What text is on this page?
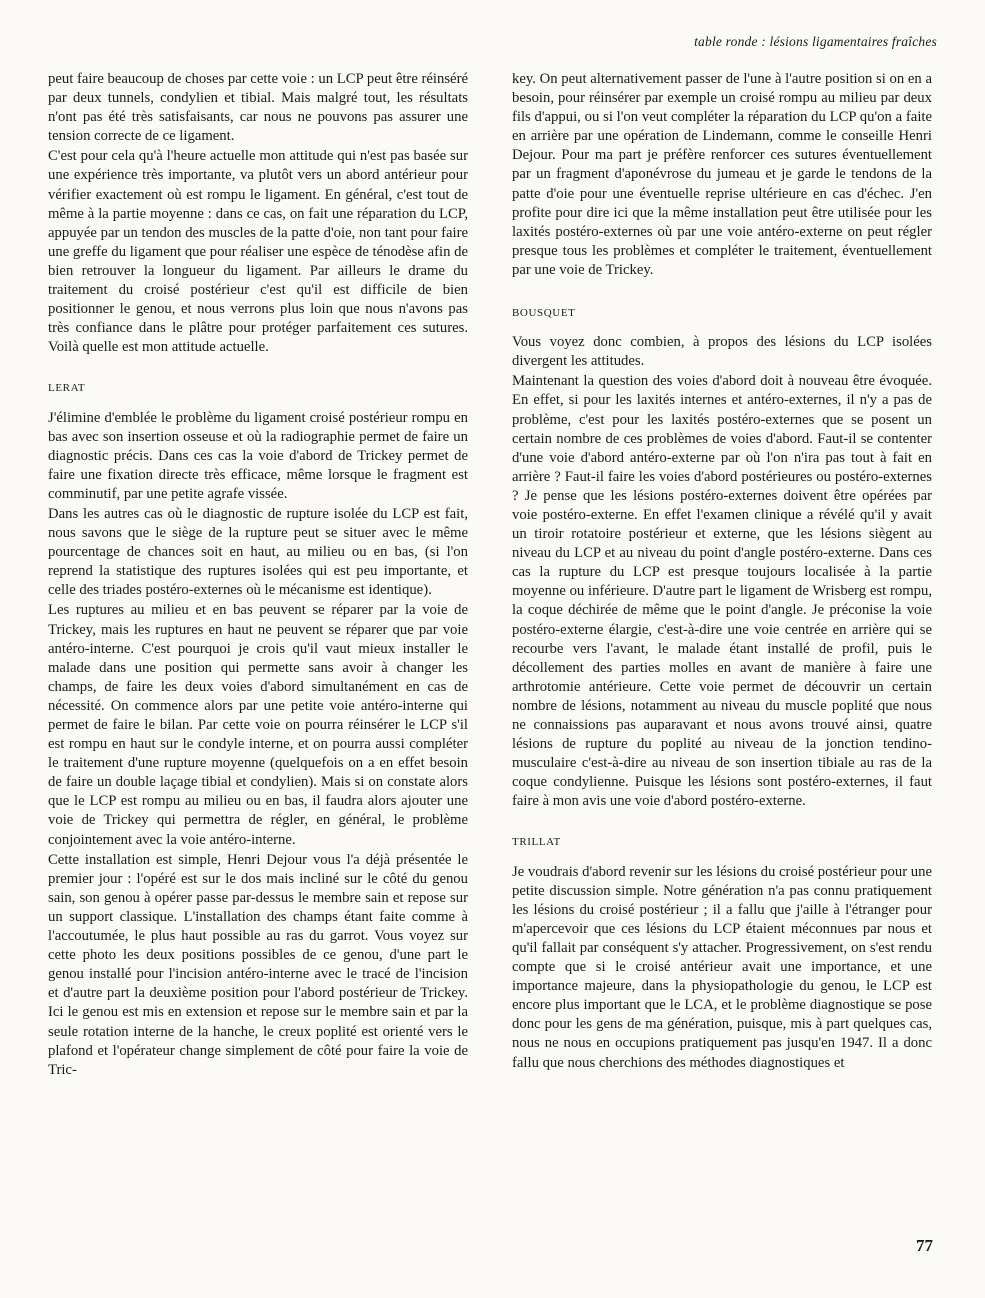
table ronde : lésions ligamentaires fraîches

peut faire beaucoup de choses par cette voie : un LCP peut être réinséré par deux tunnels, condylien et tibial. Mais malgré tout, les résultats n'ont pas été très satisfaisants, car nous ne pouvons pas assurer une tension correcte de ce ligament.

C'est pour cela qu'à l'heure actuelle mon attitude qui n'est pas basée sur une expérience très importante, va plutôt vers un abord antérieur pour vérifier exactement où est rompu le ligament. En général, c'est tout de même à la partie moyenne : dans ce cas, on fait une réparation du LCP, appuyée par un tendon des muscles de la patte d'oie, non tant pour faire une greffe du ligament que pour réaliser une espèce de ténodèse afin de bien retrouver la longueur du ligament. Par ailleurs le drame du traitement du croisé postérieur c'est qu'il est difficile de bien positionner le genou, et nous verrons plus loin que nous n'avons pas très confiance dans le plâtre pour protéger parfaitement ces sutures. Voilà quelle est mon attitude actuelle.

LERAT

J'élimine d'emblée le problème du ligament croisé postérieur rompu en bas avec son insertion osseuse et où la radiographie permet de faire un diagnostic précis. Dans ces cas la voie d'abord de Trickey permet de faire une fixation directe très efficace, même lorsque le fragment est comminutif, par une petite agrafe vissée.

Dans les autres cas où le diagnostic de rupture isolée du LCP est fait, nous savons que le siège de la rupture peut se situer avec le même pourcentage de chances soit en haut, au milieu ou en bas, (si l'on reprend la statistique des ruptures isolées qui est peu importante, et celle des triades postéro-externes où le mécanisme est identique).

Les ruptures au milieu et en bas peuvent se réparer par la voie de Trickey, mais les ruptures en haut ne peuvent se réparer que par voie antéro-interne. C'est pourquoi je crois qu'il vaut mieux installer le malade dans une position qui permette sans avoir à changer les champs, de faire les deux voies d'abord simultanément en cas de nécessité. On commence alors par une petite voie antéro-interne qui permet de faire le bilan. Par cette voie on pourra réinsérer le LCP s'il est rompu en haut sur le condyle interne, et on pourra aussi compléter le traitement d'une rupture moyenne (quelquefois on a en effet besoin de faire un double laçage tibial et condylien). Mais si on constate alors que le LCP est rompu au milieu ou en bas, il faudra alors ajouter une voie de Trickey qui permettra de régler, en général, le problème conjointement avec la voie antéro-interne.

Cette installation est simple, Henri Dejour vous l'a déjà présentée le premier jour : l'opéré est sur le dos mais incliné sur le côté du genou sain, son genou à opérer passe par-dessus le membre sain et repose sur un support classique. L'installation des champs étant faite comme à l'accoutumée, le plus haut possible au ras du garrot. Vous voyez sur cette photo les deux positions possibles de ce genou, d'une part le genou installé pour l'incision antéro-interne avec le tracé de l'incision et d'autre part la deuxième position pour l'abord postérieur de Trickey. Ici le genou est mis en extension et repose sur le membre sain et par la seule rotation interne de la hanche, le creux poplité est orienté vers le plafond et l'opérateur change simplement de côté pour faire la voie de Tric-

key. On peut alternativement passer de l'une à l'autre position si on en a besoin, pour réinsérer par exemple un croisé rompu au milieu par deux fils d'appui, ou si l'on veut compléter la réparation du LCP qu'on a faite en arrière par une opération de Lindemann, comme le conseille Henri Dejour. Pour ma part je préfère renforcer ces sutures éventuellement par un fragment d'aponévrose du jumeau et je garde le tendons de la patte d'oie pour une éventuelle reprise ultérieure en cas d'échec. J'en profite pour dire ici que la même installation peut être utilisée pour les laxités postéro-externes où par une voie antéro-externe on peut régler presque tous les problèmes et compléter le traitement, éventuellement par une voie de Trickey.

BOUSQUET

Vous voyez donc combien, à propos des lésions du LCP isolées divergent les attitudes.

Maintenant la question des voies d'abord doit à nouveau être évoquée. En effet, si pour les laxités internes et antéro-externes, il n'y a pas de problème, c'est pour les laxités postéro-externes que se posent un certain nombre de ces problèmes de voies d'abord. Faut-il se contenter d'une voie d'abord antéro-externe par où l'on n'ira pas tout à fait en arrière ? Faut-il faire les voies d'abord postérieures ou postéro-externes ? Je pense que les lésions postéro-externes doivent être opérées par voie postéro-externe. En effet l'examen clinique a révélé qu'il y avait un tiroir rotatoire postérieur et externe, que les lésions siègent au niveau du LCP et au niveau du point d'angle postéro-externe. Dans ces cas la rupture du LCP est presque toujours localisée à la partie moyenne ou inférieure. D'autre part le ligament de Wrisberg est rompu, la coque déchirée de même que le point d'angle. Je préconise la voie postéro-externe élargie, c'est-à-dire une voie centrée en arrière qui se recourbe vers l'avant, le malade étant installé de profil, puis le décollement des parties molles en avant de manière à faire une arthrotomie antérieure. Cette voie permet de découvrir un certain nombre de lésions, notamment au niveau du muscle poplité que nous ne connaissions pas auparavant et nous avons trouvé ainsi, quatre lésions de rupture du poplité au niveau de la jonction tendino-musculaire c'est-à-dire au niveau de son insertion tibiale au ras de la coque condylienne. Puisque les lésions sont postéro-externes, il faut faire à mon avis une voie d'abord postéro-externe.

TRILLAT

Je voudrais d'abord revenir sur les lésions du croisé postérieur pour une petite discussion simple. Notre génération n'a pas connu pratiquement les lésions du croisé postérieur ; il a fallu que j'aille à l'étranger pour m'apercevoir que ces lésions du LCP étaient méconnues par nous et qu'il fallait par conséquent s'y attacher. Progressivement, on s'est rendu compte que si le croisé antérieur avait une importance, et une importance majeure, dans la physiopathologie du genou, le LCP est encore plus important que le LCA, et le problème diagnostique se pose donc pour les gens de ma génération, puisque, mis à part quelques cas, nous ne nous en occupions pratiquement pas jusqu'en 1947. Il a donc fallu que nous cherchions des méthodes diagnostiques et

77
